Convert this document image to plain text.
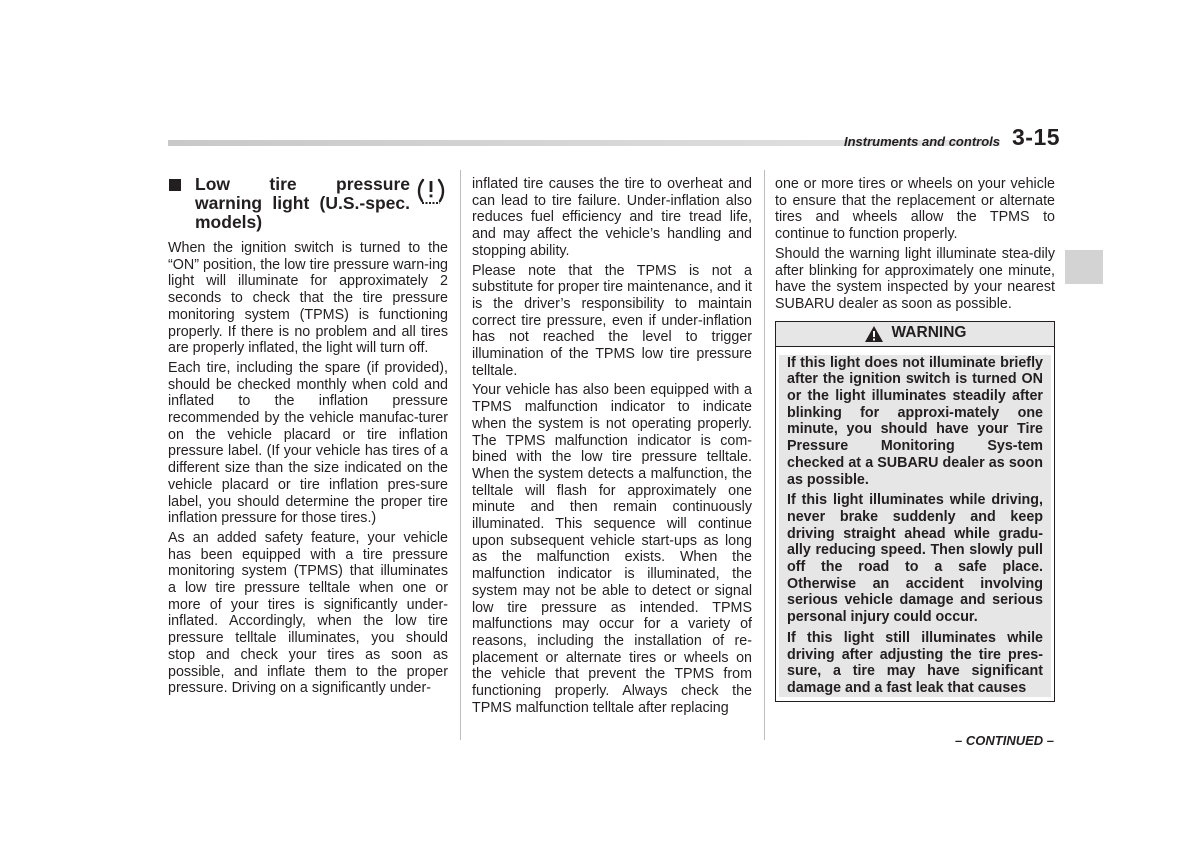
Instruments and controls 3-15
Low tire pressure warning light (U.S.-spec. models)

When the ignition switch is turned to the “ON” position, the low tire pressure warn-ing light will illuminate for approximately 2 seconds to check that the tire pressure monitoring system (TPMS) is functioning properly. If there is no problem and all tires are properly inflated, the light will turn off.

Each tire, including the spare (if provided), should be checked monthly when cold and inflated to the inflation pressure recommended by the vehicle manufac-turer on the vehicle placard or tire inflation pressure label. (If your vehicle has tires of a different size than the size indicated on the vehicle placard or tire inflation pres-sure label, you should determine the proper tire inflation pressure for those tires.)

As an added safety feature, your vehicle has been equipped with a tire pressure monitoring system (TPMS) that illuminates a low tire pressure telltale when one or more of your tires is significantly under-inflated. Accordingly, when the low tire pressure telltale illuminates, you should stop and check your tires as soon as possible, and inflate them to the proper pressure. Driving on a significantly under-

inflated tire causes the tire to overheat and can lead to tire failure. Under-inflation also reduces fuel efficiency and tire tread life, and may affect the vehicle’s handling and stopping ability.

Please note that the TPMS is not a substitute for proper tire maintenance, and it is the driver’s responsibility to maintain correct tire pressure, even if under-inflation has not reached the level to trigger illumination of the TPMS low tire pressure telltale.

Your vehicle has also been equipped with a TPMS malfunction indicator to indicate when the system is not operating properly. The TPMS malfunction indicator is com-bined with the low tire pressure telltale. When the system detects a malfunction, the telltale will flash for approximately one minute and then remain continuously illuminated. This sequence will continue upon subsequent vehicle start-ups as long as the malfunction exists. When the malfunction indicator is illuminated, the system may not be able to detect or signal low tire pressure as intended. TPMS malfunctions may occur for a variety of reasons, including the installation of re-placement or alternate tires or wheels on the vehicle that prevent the TPMS from functioning properly. Always check the TPMS malfunction telltale after replacing

one or more tires or wheels on your vehicle to ensure that the replacement or alternate tires and wheels allow the TPMS to continue to function properly.

Should the warning light illuminate stea-dily after blinking for approximately one minute, have the system inspected by your nearest SUBARU dealer as soon as possible.

WARNING

If this light does not illuminate briefly after the ignition switch is turned ON or the light illuminates steadily after blinking for approxi-mately one minute, you should have your Tire Pressure Monitoring Sys-tem checked at a SUBARU dealer as soon as possible.

If this light illuminates while driving, never brake suddenly and keep driving straight ahead while gradu-ally reducing speed. Then slowly pull off the road to a safe place. Otherwise an accident involving serious vehicle damage and serious personal injury could occur.

If this light still illuminates while driving after adjusting the tire pres-sure, a tire may have significant damage and a fast leak that causes

– CONTINUED –
